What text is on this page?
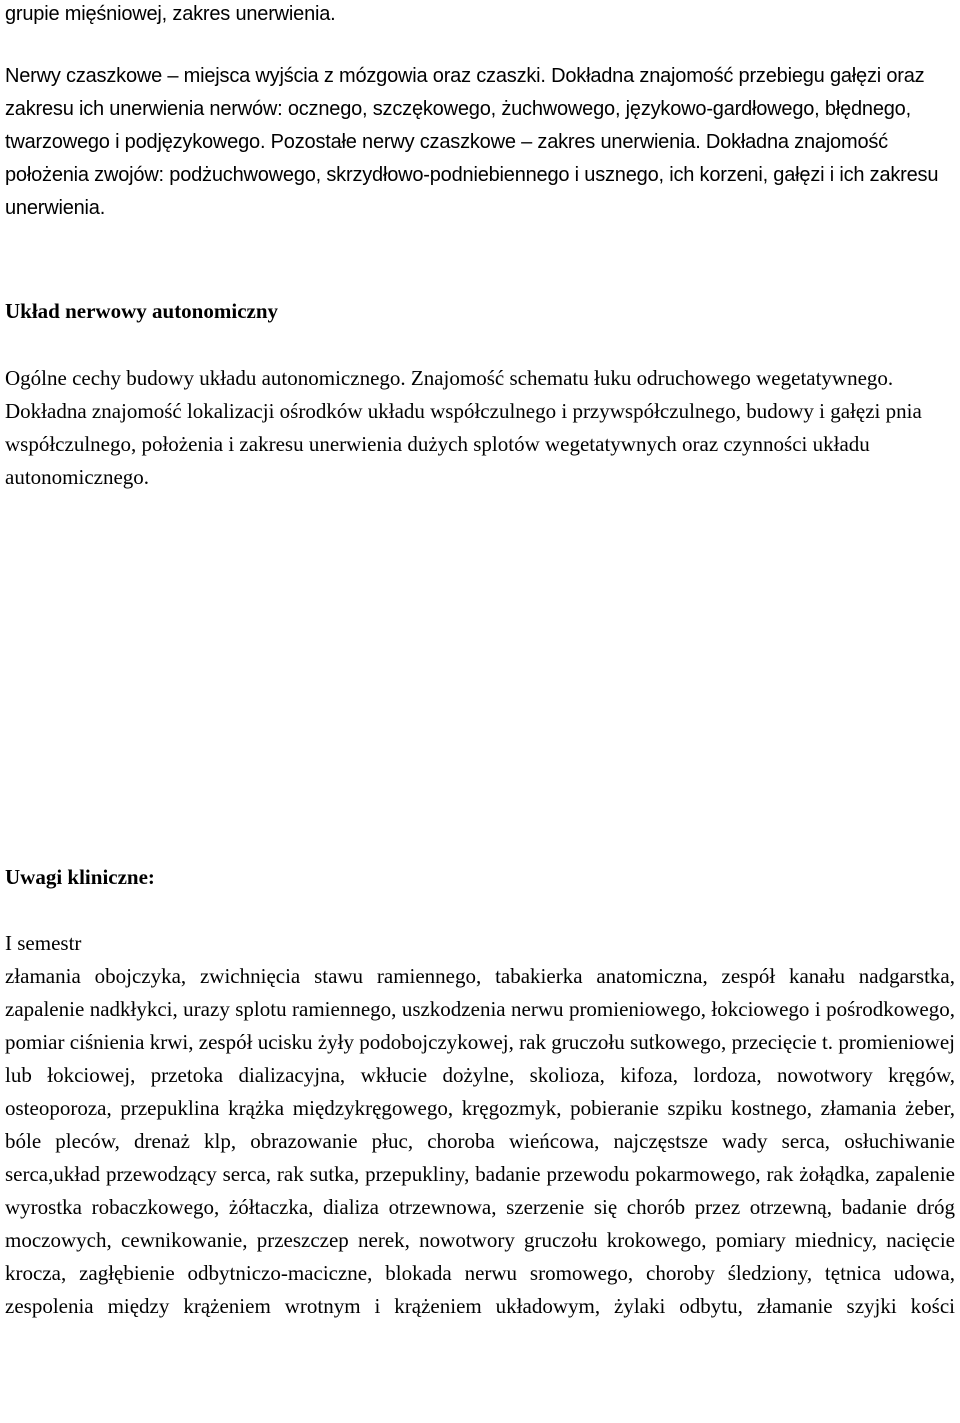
grupie mięśniowej, zakres unerwienia.

Nerwy czaszkowe – miejsca wyjścia z mózgowia oraz czaszki. Dokładna znajomość przebiegu gałęzi oraz zakresu ich unerwienia nerwów: ocznego, szczękowego, żuchwowego, językowo-gardłowego, błędnego, twarzowego i podjęzykowego. Pozostałe nerwy czaszkowe – zakres unerwienia. Dokładna znajomość położenia zwojów: podżuchwowego, skrzydłowo-podniebiennego i usznego, ich korzeni, gałęzi i ich zakresu unerwienia.

Układ nerwowy autonomiczny

Ogólne cechy budowy układu autonomicznego. Znajomość schematu łuku odruchowego wegetatywnego. Dokładna znajomość lokalizacji ośrodków układu współczulnego i przywspółczulnego, budowy i gałęzi pnia współczulnego, położenia i zakresu unerwienia dużych splotów wegetatywnych oraz czynności układu autonomicznego.

Uwagi kliniczne:

I semestr

złamania obojczyka, zwichnięcia stawu ramiennego, tabakierka anatomiczna, zespół kanału nadgarstka, zapalenie nadkłykci, urazy splotu ramiennego, uszkodzenia nerwu promieniowego, łokciowego i pośrodkowego, pomiar ciśnienia krwi, zespół ucisku żyły podobojczykowej, rak gruczołu sutkowego, przecięcie t. promieniowej lub łokciowej, przetoka dializacyjna, wkłucie dożylne, skolioza, kifoza, lordoza, nowotwory kręgów, osteoporoza, przepuklina krążka międzykręgowego, kręgozmyk, pobieranie szpiku kostnego, złamania żeber, bóle pleców, drenaż klp, obrazowanie płuc, choroba wieńcowa, najczęstsze wady serca, osłuchiwanie serca,układ przewodzący serca, rak sutka, przepukliny, badanie przewodu pokarmowego, rak żołądka, zapalenie wyrostka robaczkowego, żółtaczka, dializa otrzewnowa, szerzenie się chorób przez otrzewną, badanie dróg moczowych, cewnikowanie, przeszczep nerek, nowotwory gruczołu krokowego, pomiary miednicy, nacięcie krocza, zagłębienie odbytniczo-maciczne, blokada nerwu sromowego, choroby śledziony, tętnica udowa, zespolenia między krążeniem wrotnym i krążeniem układowym, żylaki odbytu, złamanie szyjki kości
